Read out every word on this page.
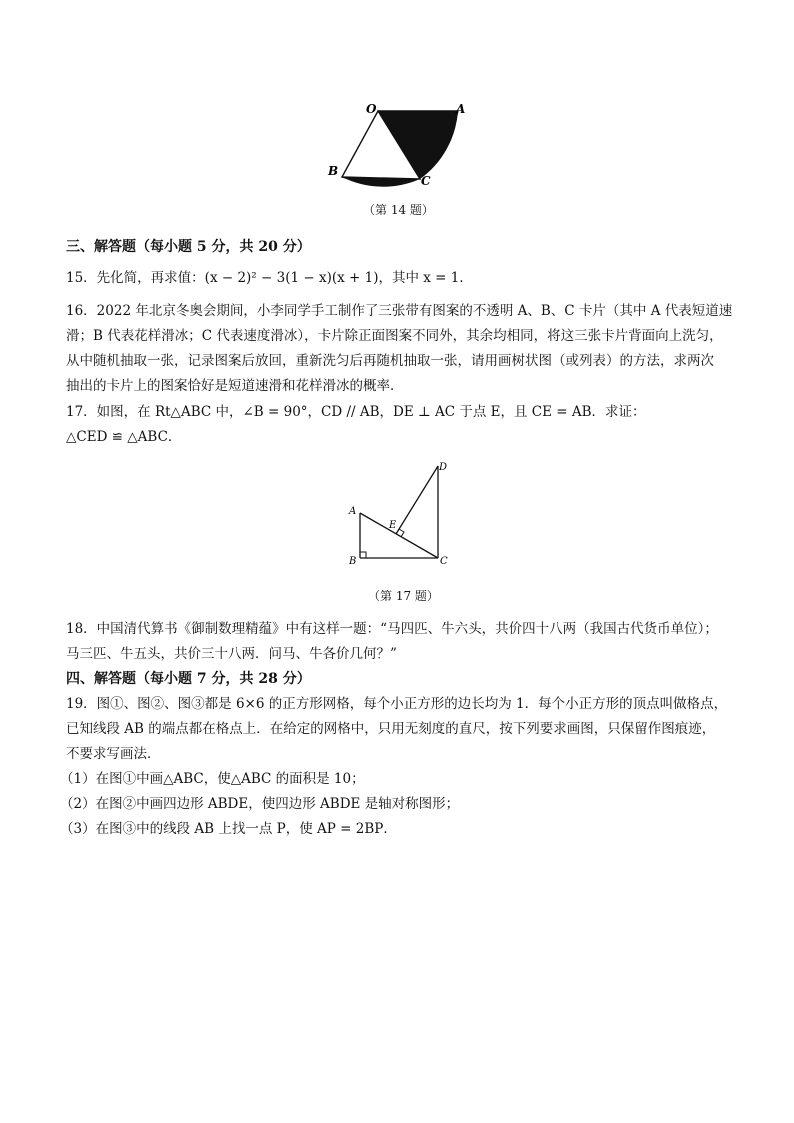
O	A
B
C
（第 14 题）
三、解答题（每小题 5 分，共 20 分）
15．先化简，再求值：(x − 2)² − 3(1 − x)(x + 1)，其中 x = 1．
16．2022 年北京冬奥会期间，小李同学手工制作了三张带有图案的不透明 A、B、C 卡片（其中 A 代表短道速
滑；B 代表花样滑冰；C 代表速度滑冰），卡片除正面图案不同外，其余均相同，将这三张卡片背面向上洗匀，
从中随机抽取一张，记录图案后放回，重新洗匀后再随机抽取一张，请用画树状图（或列表）的方法，求两次
抽出的卡片上的图案恰好是短道速滑和花样滑冰的概率．
17．如图，在 Rt△ABC 中，∠B = 90°，CD // AB，DE ⊥ AC 于点 E，且 CE = AB．求证：
△CED ≌ △ABC．
A
B	C
D
E
（第 17 题）
18．中国清代算书《御制数理精蕴》中有这样一题：“马四匹、牛六头，共价四十八两（我国古代货币单位）；
马三匹、牛五头，共价三十八两．问马、牛各价几何？”
四、解答题（每小题 7 分，共 28 分）
19．图①、图②、图③都是 6×6 的正方形网格，每个小正方形的边长均为 1．每个小正方形的顶点叫做格点，
已知线段 AB 的端点都在格点上．在给定的网格中，只用无刻度的直尺，按下列要求画图，只保留作图痕迹，
不要求写画法．
（1）在图①中画△ABC，使△ABC 的面积是 10；
（2）在图②中画四边形 ABDE，使四边形 ABDE 是轴对称图形；
（3）在图③中的线段 AB 上找一点 P，使 AP = 2BP．
